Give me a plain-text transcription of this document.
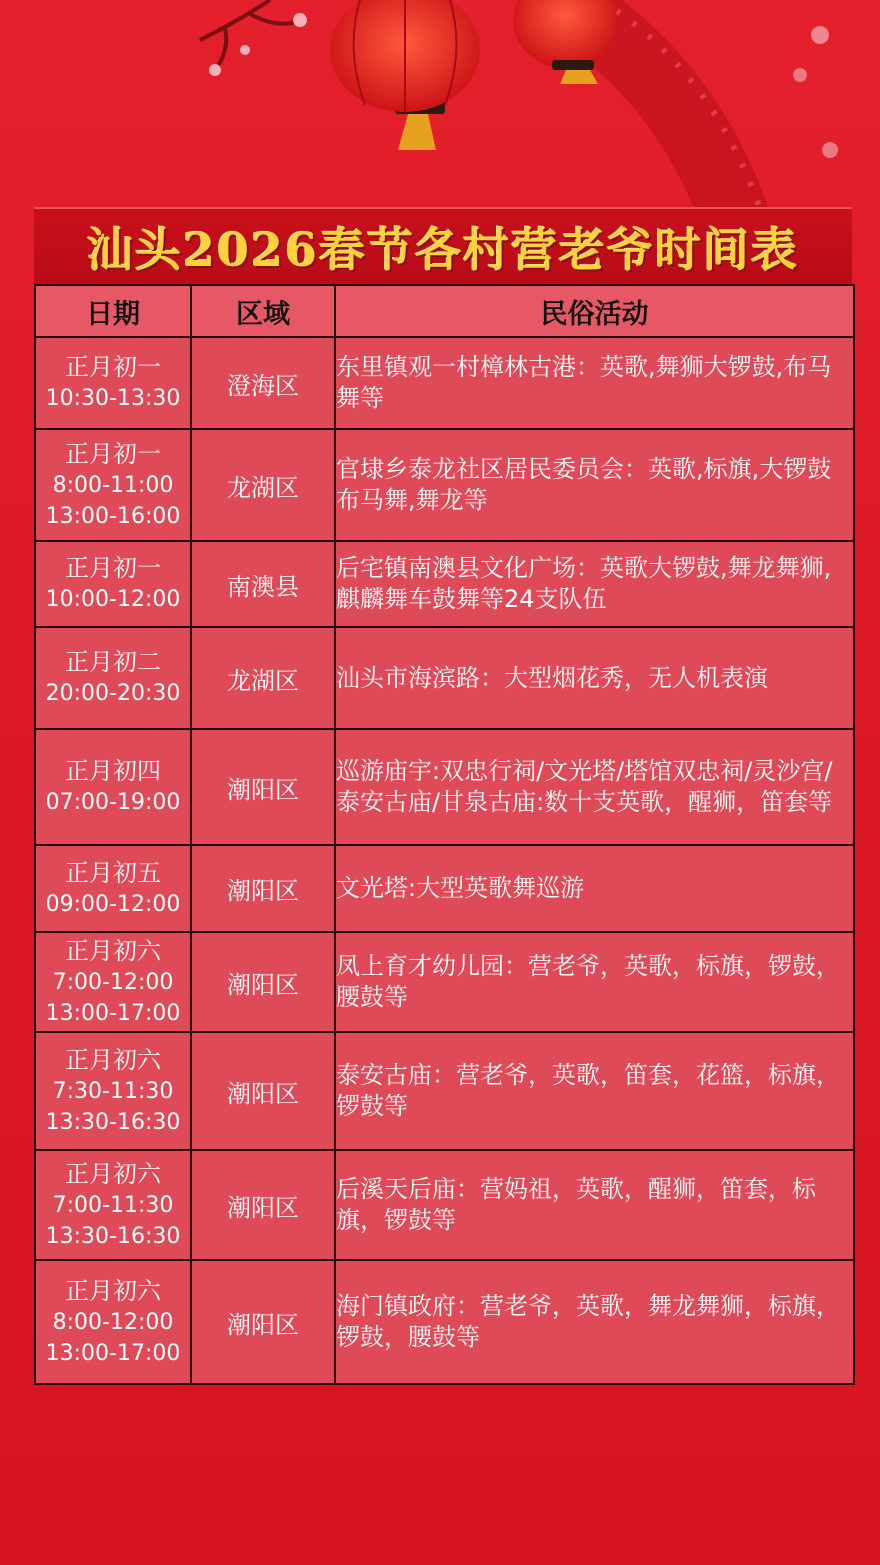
汕头2026春节各村营老爷时间表
日期	区域	民俗活动

正月初一
10:30-13:30	澄海区	东里镇观一村樟林古港：英歌,舞狮大锣鼓,布马舞等

正月初一
8:00-11:00
13:00-16:00	龙湖区	官埭乡泰龙社区居民委员会：英歌,标旗,大锣鼓布马舞,舞龙等

正月初一
10:00-12:00	南澳县	后宅镇南澳县文化广场：英歌大锣鼓,舞龙舞狮,麒麟舞车鼓舞等24支队伍

正月初二
20:00-20:30	龙湖区	汕头市海滨路：大型烟花秀，无人机表演

正月初四
07:00-19:00	潮阳区	巡游庙宇:双忠行祠/文光塔/塔馆双忠祠/灵沙宫/泰安古庙/甘泉古庙:数十支英歌，醒狮，笛套等

正月初五
09:00-12:00	潮阳区	文光塔:大型英歌舞巡游

正月初六
7:00-12:00
13:00-17:00	潮阳区	凤上育才幼儿园：营老爷，英歌，标旗，锣鼓，腰鼓等

正月初六
7:30-11:30
13:30-16:30	潮阳区	泰安古庙：营老爷，英歌，笛套，花篮，标旗，锣鼓等

正月初六
7:00-11:30
13:30-16:30	潮阳区	后溪天后庙：营妈祖，英歌，醒狮，笛套，标旗，锣鼓等

正月初六
8:00-12:00
13:00-17:00	潮阳区	海门镇政府：营老爷，英歌，舞龙舞狮，标旗，锣鼓，腰鼓等
